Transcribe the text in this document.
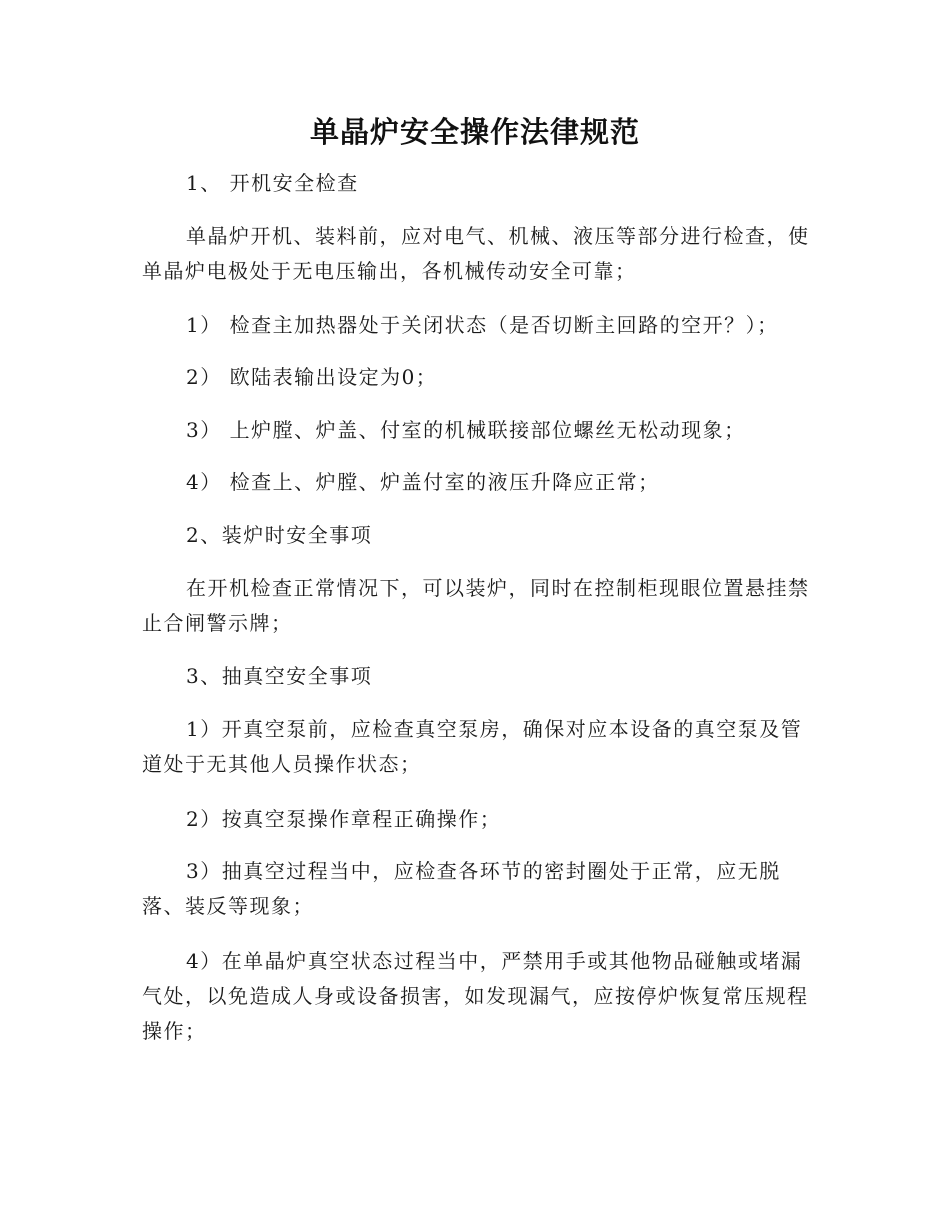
单晶炉安全操作法律规范

1、 开机安全检查

单晶炉开机、装料前，应对电气、机械、液压等部分进行检查，使单晶炉电极处于无电压输出，各机械传动安全可靠；

1） 检查主加热器处于关闭状态（是否切断主回路的空开？）；

2） 欧陆表输出设定为0；

3） 上炉膛、炉盖、付室的机械联接部位螺丝无松动现象；

4） 检查上、炉膛、炉盖付室的液压升降应正常；

2、装炉时安全事项

在开机检查正常情况下，可以装炉，同时在控制柜现眼位置悬挂禁止合闸警示牌；

3、抽真空安全事项

1）开真空泵前，应检查真空泵房，确保对应本设备的真空泵及管道处于无其他人员操作状态；

2）按真空泵操作章程正确操作；

3）抽真空过程当中，应检查各环节的密封圈处于正常，应无脱落、装反等现象；

4）在单晶炉真空状态过程当中，严禁用手或其他物品碰触或堵漏气处，以免造成人身或设备损害，如发现漏气，应按停炉恢复常压规程操作；
